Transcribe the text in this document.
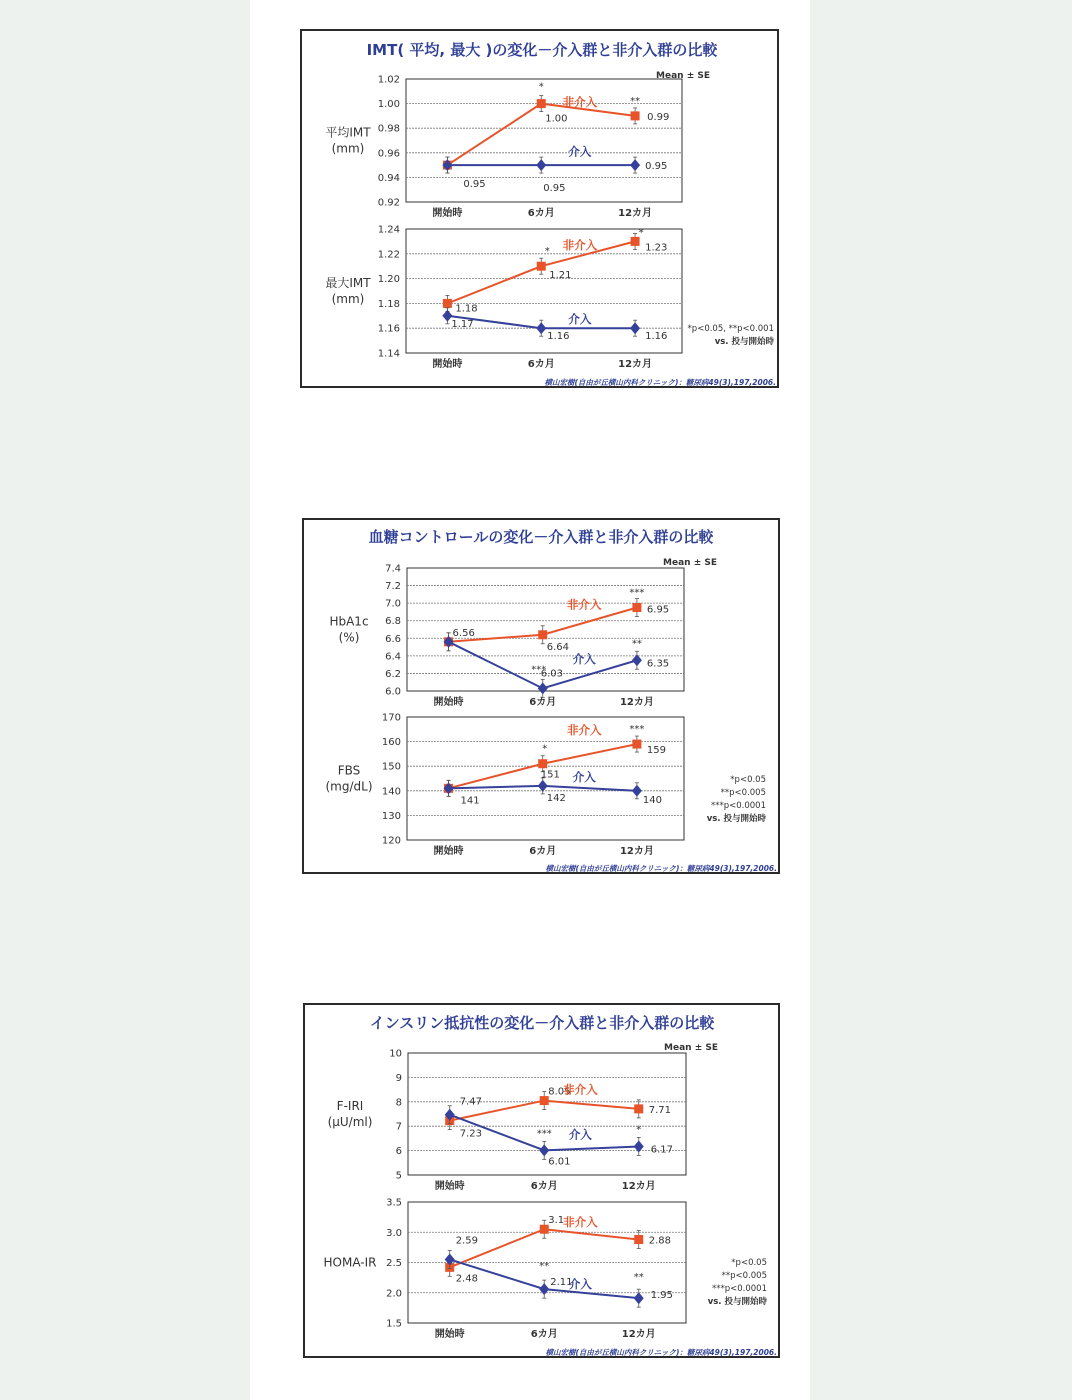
IMT( 平均, 最大 )の変化－介入群と非介入群の比較
Mean ± SE
0.92
0.94
0.96
0.98
1.00
1.02
開始時	6カ月	12カ月
平均IMT
(mm)
1.00
*
0.99
**
非介入
0.95	0.95
0.95
介入
1.14
1.16
1.18
1.20
1.22
1.24
開始時	6カ月	12カ月
最大IMT
(mm)
1.18
1.21
*	1.23
*
非介入
1.17
1.16	1.16
介入
*p<0.05, **p<0.001
vs. 投与開始時
横山宏樹(自由が丘横山内科クリニック)：糖尿病49(3),197,2006.
血糖コントロールの変化－介入群と非介入群の比較
Mean ± SE
6.0
6.2
6.4
6.6
6.8
7.0
7.2
7.4
開始時	6カ月	12カ月
HbA1c
(%)	6.56
6.64
6.95
***
非介入
6.03
***
6.35
**
介入
120
130
140
150
160
170
開始時	6カ月	12カ月
FBS
(mg/dL)
151
*	159
***
非介入
141	142	140
介入	*p<0.05
**p<0.005
***p<0.0001
vs. 投与開始時
横山宏樹(自由が丘横山内科クリニック)：糖尿病49(3),197,2006.
インスリン抵抗性の変化－介入群と非介入群の比較
Mean ± SE
5
6
7
8
9
10
開始時	6カ月	12カ月
F-IRI
(μU/ml)
7.23
8.05
7.71
非介入
7.47
6.01
***
6.17
*
介入
1.5
2.0
2.5
3.0
3.5
開始時	6カ月	12カ月
HOMA-IR
2.48
3.1
2.88
非介入
2.59
2.11
**
1.95
**
介入
*p<0.05
**p<0.005
***p<0.0001
vs. 投与開始時
横山宏樹(自由が丘横山内科クリニック)：糖尿病49(3),197,2006.
